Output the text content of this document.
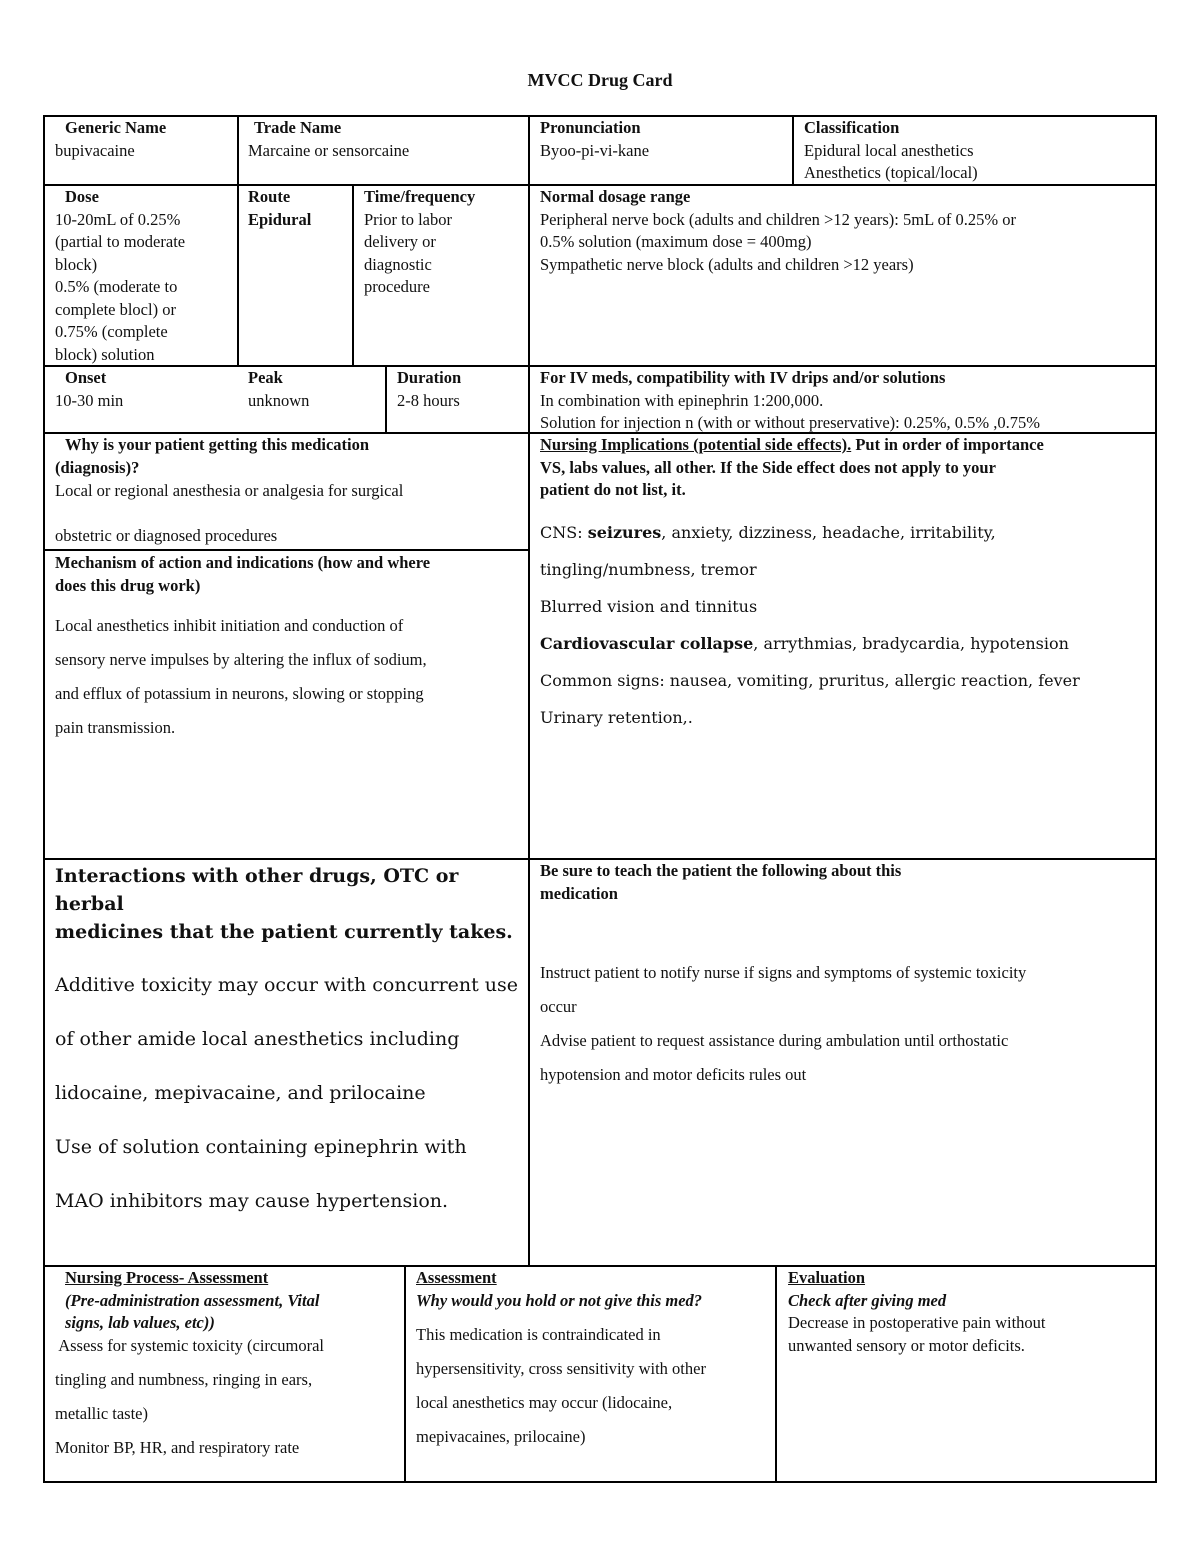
MVCC Drug Card
Generic Name
bupivacaine
Trade Name
Marcaine or sensorcaine
Pronunciation
Byoo-pi-vi-kane
Classification
Epidural local anesthetics
Anesthetics (topical/local)
Dose
10-20mL of 0.25%
(partial to moderate
block)
0.5% (moderate to
complete blocl) or
0.75% (complete
block) solution
Route
Epidural
Time/frequency
Prior to labor
delivery or
diagnostic
procedure
Normal dosage range
Peripheral nerve bock (adults and children >12 years): 5mL of 0.25% or
0.5% solution (maximum dose = 400mg)
Sympathetic nerve block (adults and children >12 years)
Onset
10-30 min
Peak
unknown
Duration
2-8 hours
For IV meds, compatibility with IV drips and/or solutions
In combination with epinephrin 1:200,000.
Solution for injection n (with or without preservative): 0.25%, 0.5% ,0.75%
Why is your patient getting this medication
(diagnosis)?
Local or regional anesthesia or analgesia for surgical
obstetric or diagnosed procedures
Mechanism of action and indications (how and where
does this drug work)
Local anesthetics inhibit initiation and conduction of
sensory nerve impulses by altering the influx of sodium,
and efflux of potassium in neurons, slowing or stopping
pain transmission.
Nursing Implications (potential side effects). Put in order of importance
VS, labs values, all other. If the Side effect does not apply to your
patient do not list, it.
CNS: seizures, anxiety, dizziness, headache, irritability,
tingling/numbness, tremor
Blurred vision and tinnitus
Cardiovascular collapse, arrythmias, bradycardia, hypotension
Common signs: nausea, vomiting, pruritus, allergic reaction, fever
Urinary retention,.
Interactions with other drugs, OTC or herbal
medicines that the patient currently takes.
Additive toxicity may occur with concurrent use
of other amide local anesthetics including
lidocaine, mepivacaine, and prilocaine
Use of solution containing epinephrin with
MAO inhibitors may cause hypertension.
Be sure to teach the patient the following about this
medication
Instruct patient to notify nurse if signs and symptoms of systemic toxicity
occur
Advise patient to request assistance during ambulation until orthostatic
hypotension and motor deficits rules out
Nursing Process- Assessment
(Pre-administration assessment, Vital
signs, lab values, etc))
Assess for systemic toxicity (circumoral
tingling and numbness, ringing in ears,
metallic taste)
Monitor BP, HR, and respiratory rate
Assessment
Why would you hold or not give this med?
This medication is contraindicated in
hypersensitivity, cross sensitivity with other
local anesthetics may occur (lidocaine,
mepivacaines, prilocaine)
Evaluation
Check after giving med
Decrease in postoperative pain without
unwanted sensory or motor deficits.
